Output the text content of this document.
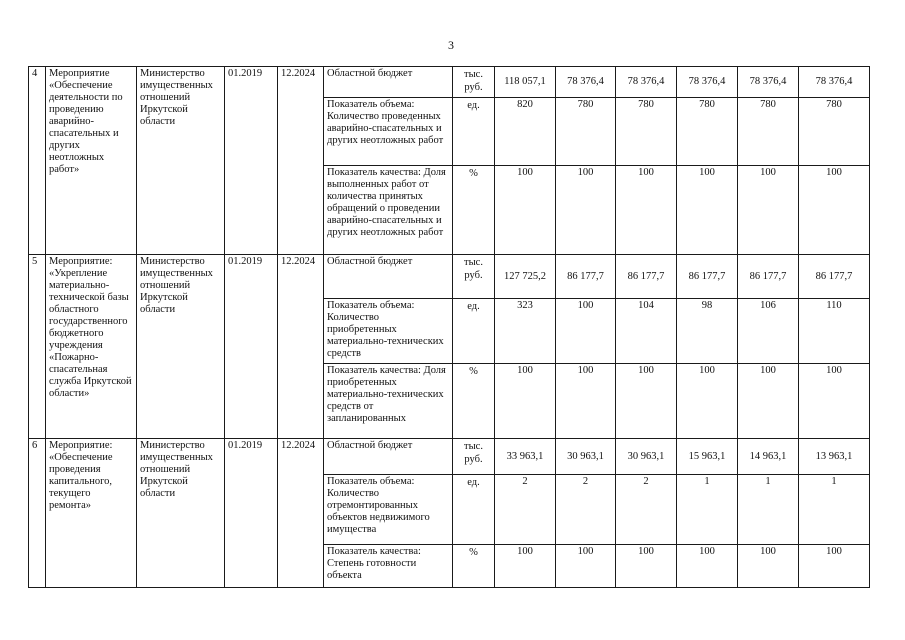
3
4	Мероприятие «Обеспечение деятельности по проведению аварийно-спасательных и других неотложных работ»	Министерство имущественных отношений Иркутской области	01.2019	12.2024	Областной бюджет	тыс. руб.	118 057,1	78 376,4	78 376,4	78 376,4	78 376,4	78 376,4
					Показатель объема: Количество проведенных аварийно-спасательных и других неотложных работ	ед.	820	780	780	780	780	780
					Показатель качества: Доля выполненных работ от количества принятых обращений о проведении аварийно-спасательных и других неотложных работ	%	100	100	100	100	100	100
5	Мероприятие: «Укрепление материально-технической базы областного государственного бюджетного учреждения «Пожарно-спасательная служба Иркутской области»	Министерство имущественных отношений Иркутской области	01.2019	12.2024	Областной бюджет	тыс. руб.	127 725,2	86 177,7	86 177,7	86 177,7	86 177,7	86 177,7
					Показатель объема: Количество приобретенных материально-технических средств	ед.	323	100	104	98	106	110
					Показатель качества: Доля приобретенных материально-технических средств от запланированных	%	100	100	100	100	100	100
6	Мероприятие: «Обеспечение проведения капитального, текущего ремонта»	Министерство имущественных отношений Иркутской области	01.2019	12.2024	Областной бюджет	тыс. руб.	33 963,1	30 963,1	30 963,1	15 963,1	14 963,1	13 963,1
					Показатель объема: Количество отремонтированных объектов недвижимого имущества	ед.	2	2	2	1	1	1
					Показатель качества: Степень готовности объекта	%	100	100	100	100	100	100
